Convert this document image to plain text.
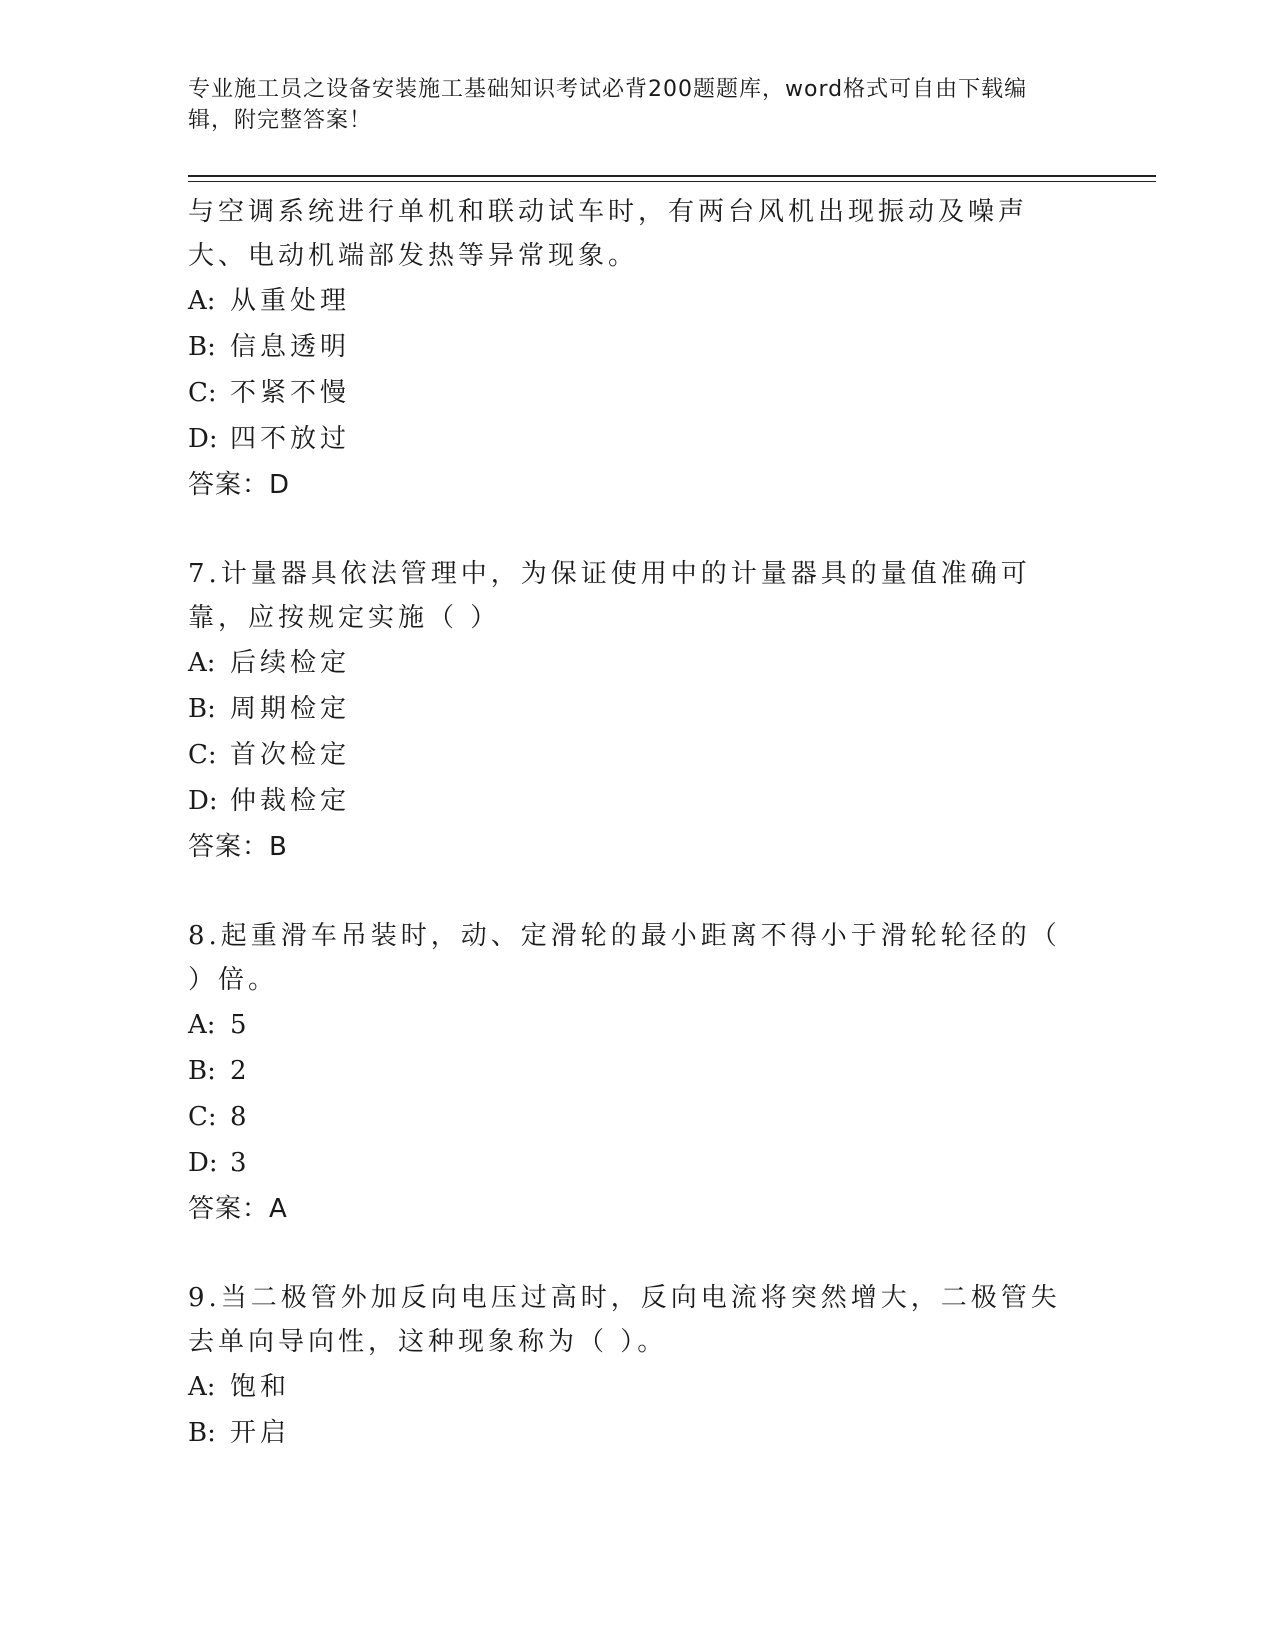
专业施工员之设备安装施工基础知识考试必背200题题库，word格式可自由下载编辑，附完整答案！

与空调系统进行单机和联动试车时，有两台风机出现振动及噪声大、电动机端部发热等异常现象。

A: 从重处理

B: 信息透明

C: 不紧不慢

D: 四不放过

答案：D

7.计量器具依法管理中，为保证使用中的计量器具的量值准确可靠，应按规定实施（ ）

A: 后续检定

B: 周期检定

C: 首次检定

D: 仲裁检定

答案：B

8.起重滑车吊装时，动、定滑轮的最小距离不得小于滑轮轮径的（ ）倍。

A: 5

B: 2

C: 8

D: 3

答案：A

9.当二极管外加反向电压过高时，反向电流将突然增大，二极管失去单向导向性，这种现象称为（ ）。

A: 饱和

B: 开启
